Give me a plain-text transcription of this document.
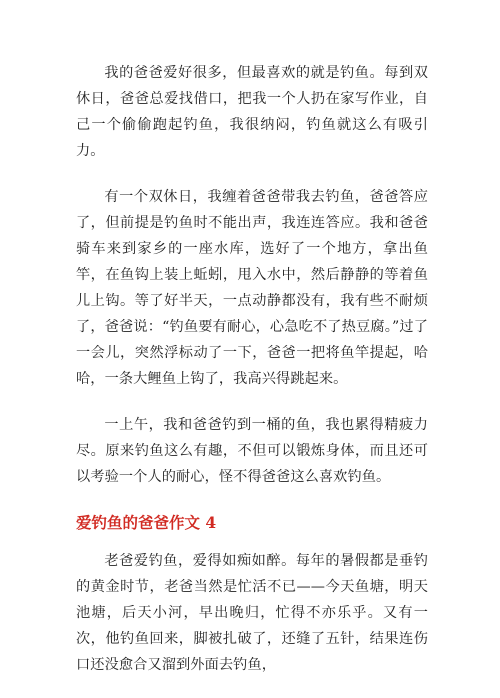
我的爸爸爱好很多，但最喜欢的就是钓鱼。每到双休日，爸爸总爱找借口，把我一个人扔在家写作业，自己一个偷偷跑起钓鱼，我很纳闷，钓鱼就这么有吸引力。

有一个双休日，我缠着爸爸带我去钓鱼，爸爸答应了，但前提是钓鱼时不能出声，我连连答应。我和爸爸骑车来到家乡的一座水库，选好了一个地方，拿出鱼竿，在鱼钩上装上蚯蚓，甩入水中，然后静静的等着鱼儿上钩。等了好半天，一点动静都没有，我有些不耐烦了，爸爸说：“钓鱼要有耐心，心急吃不了热豆腐。”过了一会儿，突然浮标动了一下，爸爸一把将鱼竿提起，哈哈，一条大鲤鱼上钩了，我高兴得跳起来。

一上午，我和爸爸钓到一桶的鱼，我也累得精疲力尽。原来钓鱼这么有趣，不但可以锻炼身体，而且还可以考验一个人的耐心，怪不得爸爸这么喜欢钓鱼。

爱钓鱼的爸爸作文 4

老爸爱钓鱼，爱得如痴如醉。每年的暑假都是垂钓的黄金时节，老爸当然是忙活不已——今天鱼塘，明天池塘，后天小河，早出晚归，忙得不亦乐乎。又有一次，他钓鱼回来，脚被扎破了，还缝了五针，结果连伤口还没愈合又溜到外面去钓鱼，
